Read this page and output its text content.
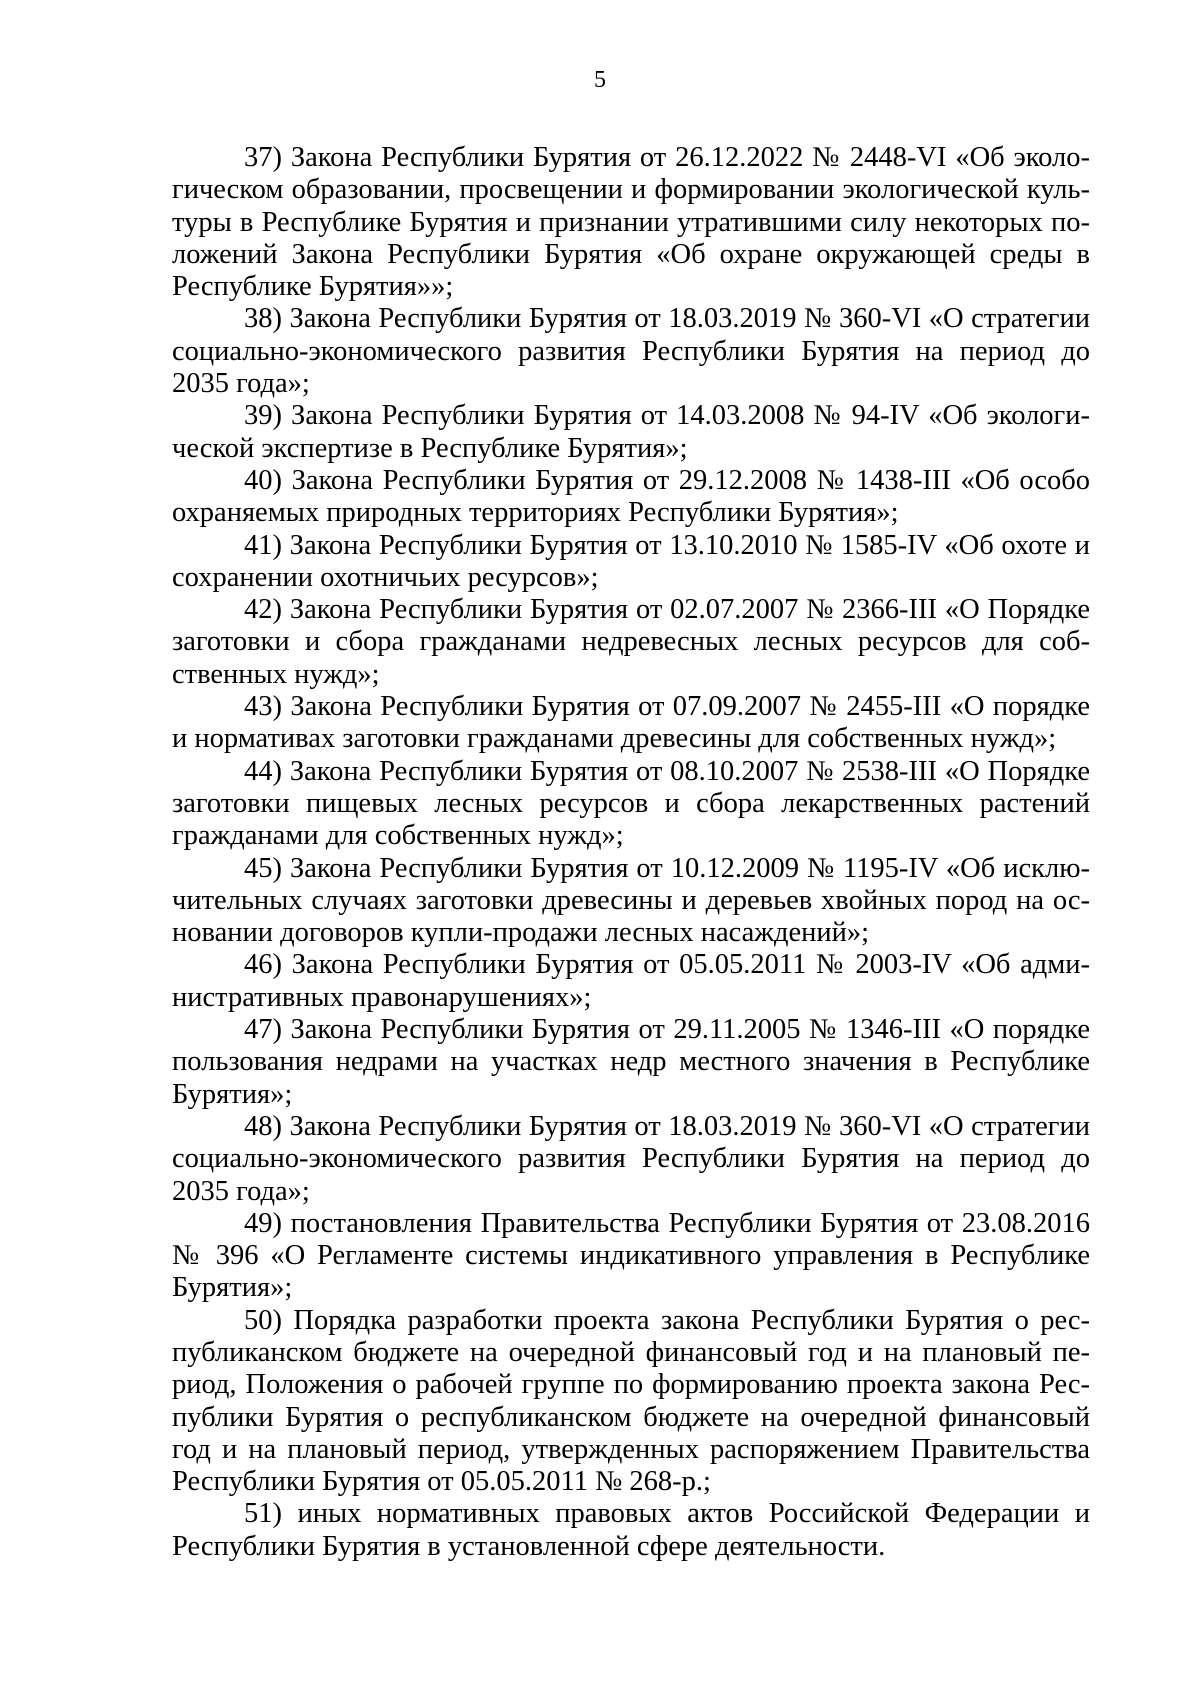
5
37) Закона Республики Бурятия от 26.12.2022 № 2448-VI «Об эколо-
гическом образовании, просвещении и формировании экологической куль-
туры в Республике Бурятия и признании утратившими силу некоторых по-
ложений Закона Республики Бурятия «Об охране окружающей среды в
Республике Бурятия»»;
38) Закона Республики Бурятия от 18.03.2019 № 360-VI «О стратегии
социально-экономического развития Республики Бурятия на период до
2035 года»;
39) Закона Республики Бурятия от 14.03.2008 № 94-IV «Об экологи-
ческой экспертизе в Республике Бурятия»;
40) Закона Республики Бурятия от 29.12.2008 № 1438-III «Об особо
охраняемых природных территориях Республики Бурятия»;
41) Закона Республики Бурятия от 13.10.2010 № 1585-IV «Об охоте и
сохранении охотничьих ресурсов»;
42) Закона Республики Бурятия от 02.07.2007 № 2366-III «О Порядке
заготовки и сбора гражданами недревесных лесных ресурсов для соб-
ственных нужд»;
43) Закона Республики Бурятия от 07.09.2007 № 2455-III «О порядке
и нормативах заготовки гражданами древесины для собственных нужд»;
44) Закона Республики Бурятия от 08.10.2007 № 2538-III «О Порядке
заготовки пищевых лесных ресурсов и сбора лекарственных растений
гражданами для собственных нужд»;
45) Закона Республики Бурятия от 10.12.2009 № 1195-IV «Об исклю-
чительных случаях заготовки древесины и деревьев хвойных пород на ос-
новании договоров купли-продажи лесных насаждений»;
46) Закона Республики Бурятия от 05.05.2011 № 2003-IV «Об адми-
нистративных правонарушениях»;
47) Закона Республики Бурятия от 29.11.2005 № 1346-III «О порядке
пользования недрами на участках недр местного значения в Республике
Бурятия»;
48) Закона Республики Бурятия от 18.03.2019 № 360-VI «О стратегии
социально-экономического развития Республики Бурятия на период до
2035 года»;
49) постановления Правительства Республики Бурятия от 23.08.2016
№ 396 «О Регламенте системы индикативного управления в Республике
Бурятия»;
50) Порядка разработки проекта закона Республики Бурятия о рес-
публиканском бюджете на очередной финансовый год и на плановый пе-
риод, Положения о рабочей группе по формированию проекта закона Рес-
публики Бурятия о республиканском бюджете на очередной финансовый
год и на плановый период, утвержденных распоряжением Правительства
Республики Бурятия от 05.05.2011 № 268-р.;
51) иных нормативных правовых актов Российской Федерации и
Республики Бурятия в установленной сфере деятельности.
